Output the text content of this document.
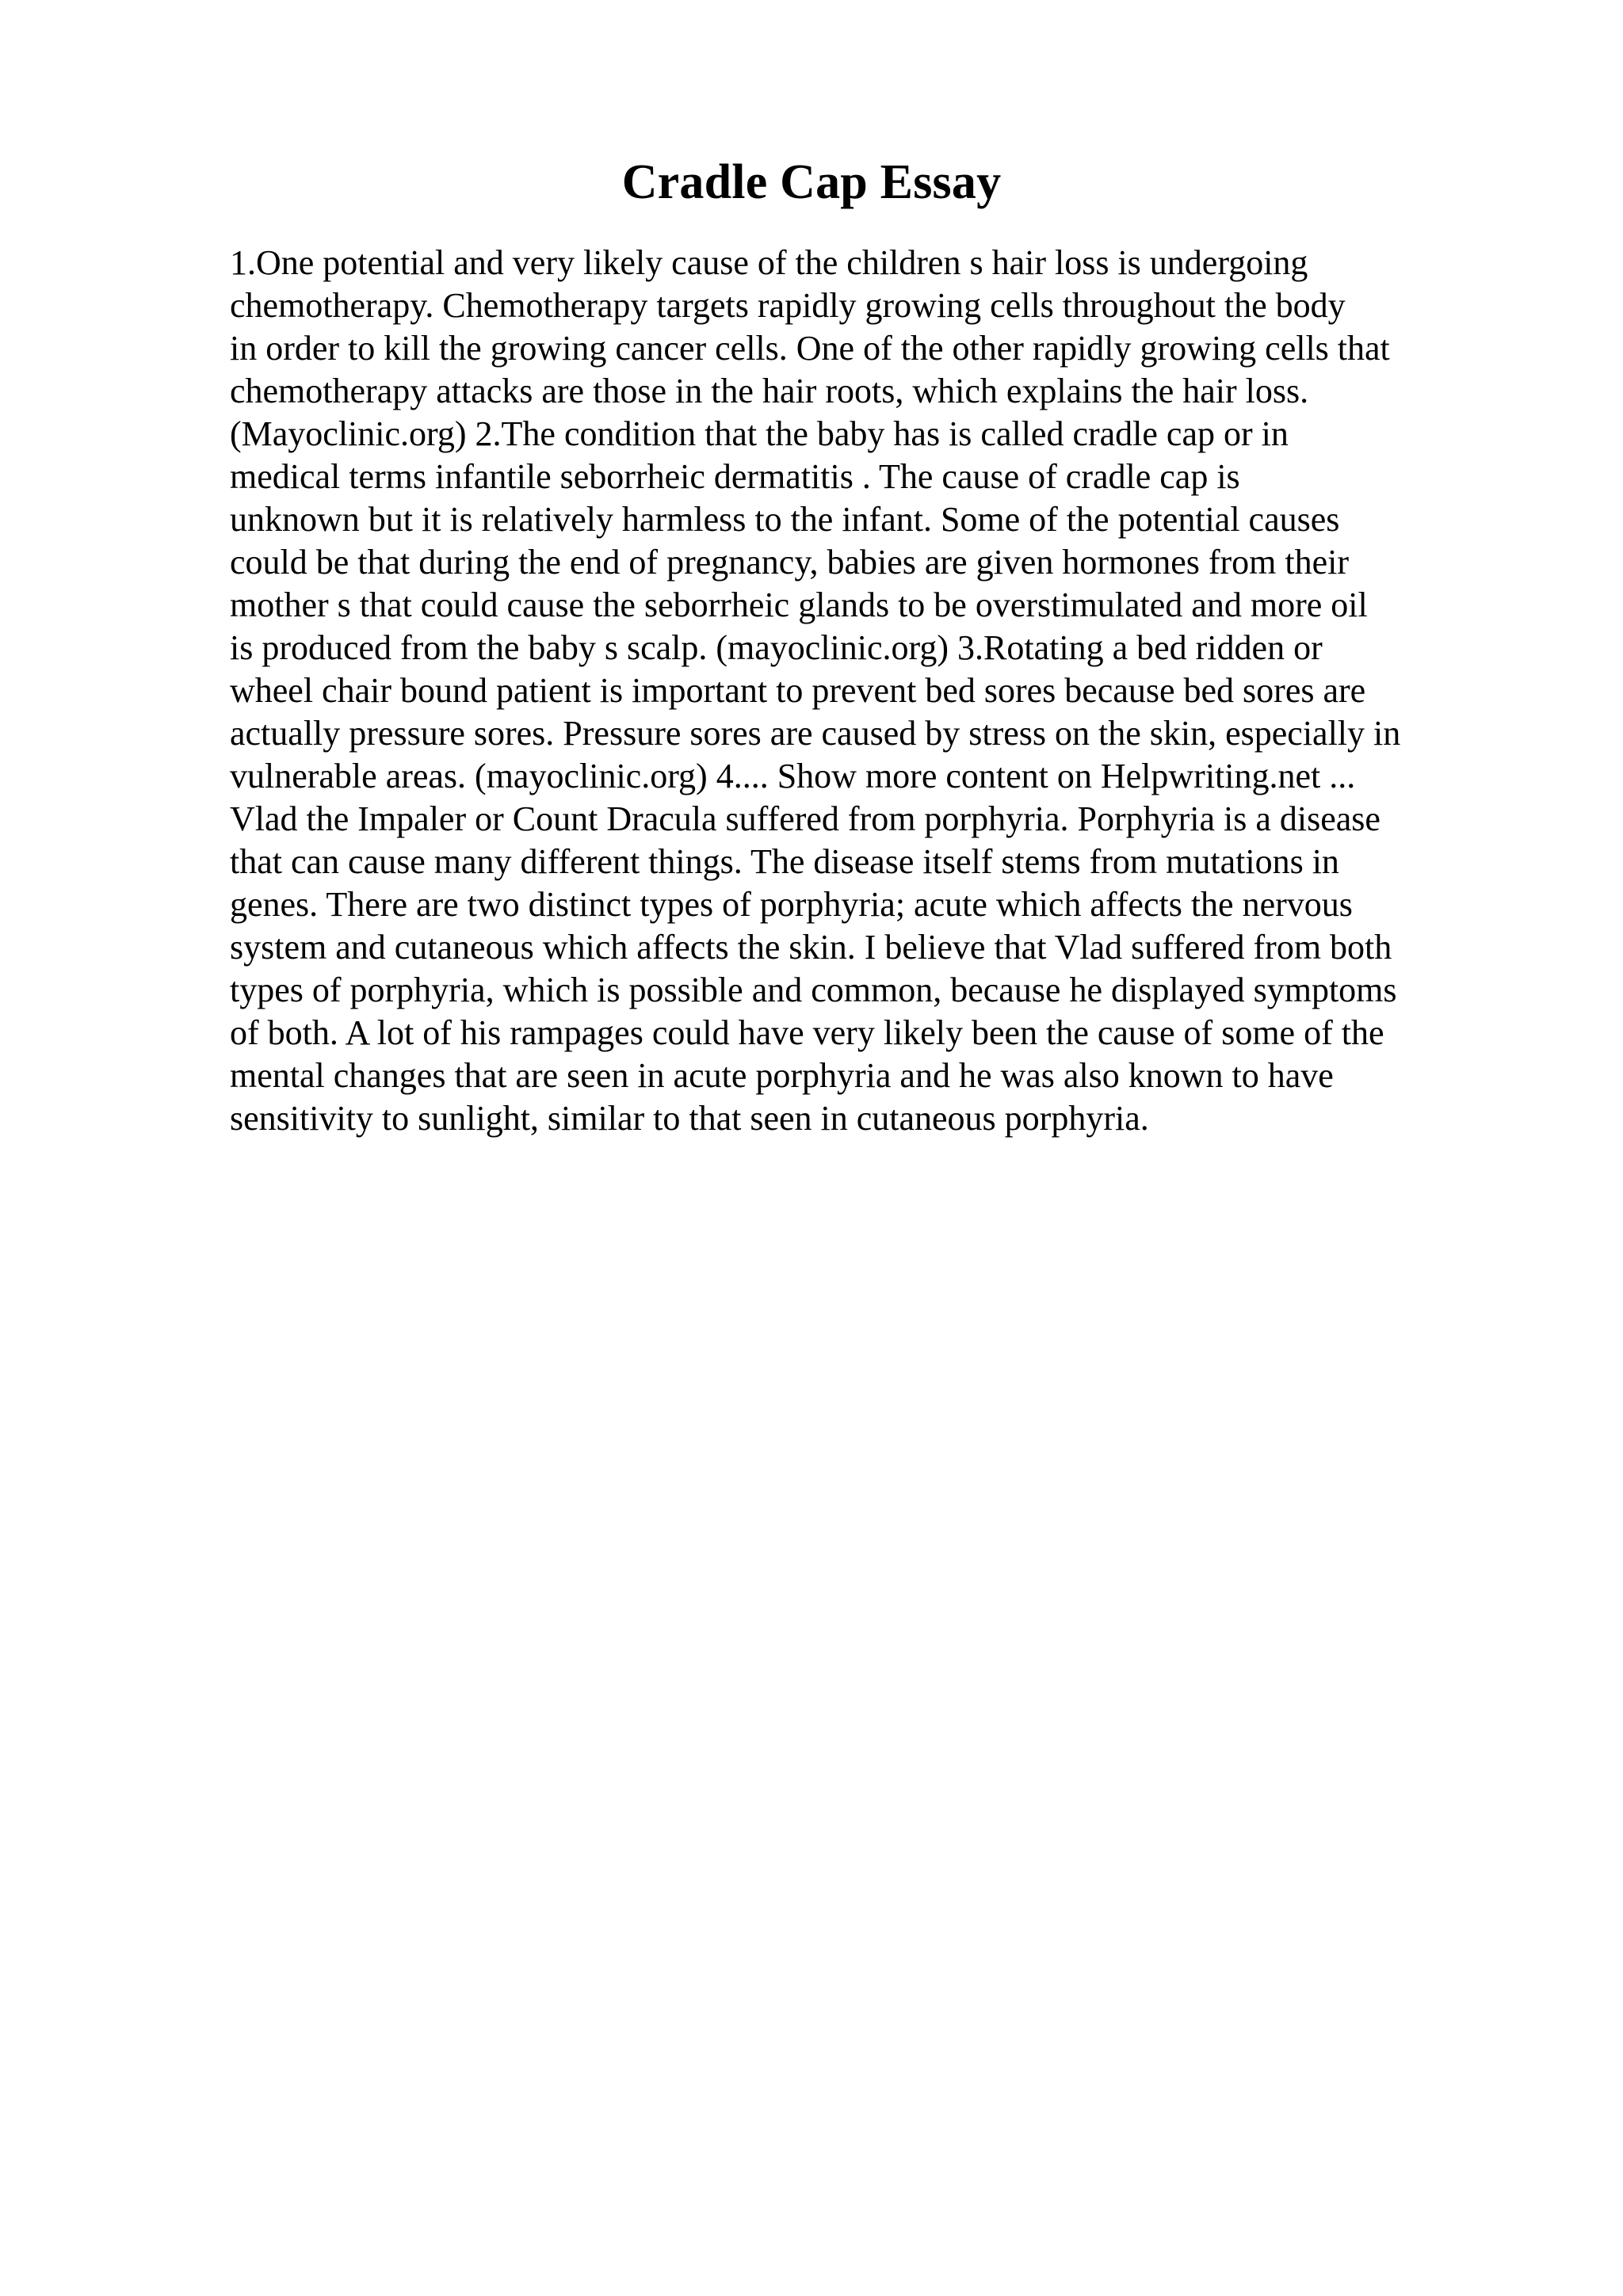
Cradle Cap Essay
1.One potential and very likely cause of the children s hair loss is undergoing
chemotherapy. Chemotherapy targets rapidly growing cells throughout the body
in order to kill the growing cancer cells. One of the other rapidly growing cells that
chemotherapy attacks are those in the hair roots, which explains the hair loss.
(Mayoclinic.org) 2.The condition that the baby has is called cradle cap or in
medical terms infantile seborrheic dermatitis . The cause of cradle cap is
unknown but it is relatively harmless to the infant. Some of the potential causes
could be that during the end of pregnancy, babies are given hormones from their
mother s that could cause the seborrheic glands to be overstimulated and more oil
is produced from the baby s scalp. (mayoclinic.org) 3.Rotating a bed ridden or
wheel chair bound patient is important to prevent bed sores because bed sores are
actually pressure sores. Pressure sores are caused by stress on the skin, especially in
vulnerable areas. (mayoclinic.org) 4.... Show more content on Helpwriting.net ...
Vlad the Impaler or Count Dracula suffered from porphyria. Porphyria is a disease
that can cause many different things. The disease itself stems from mutations in
genes. There are two distinct types of porphyria; acute which affects the nervous
system and cutaneous which affects the skin. I believe that Vlad suffered from both
types of porphyria, which is possible and common, because he displayed symptoms
of both. A lot of his rampages could have very likely been the cause of some of the
mental changes that are seen in acute porphyria and he was also known to have
sensitivity to sunlight, similar to that seen in cutaneous porphyria.
